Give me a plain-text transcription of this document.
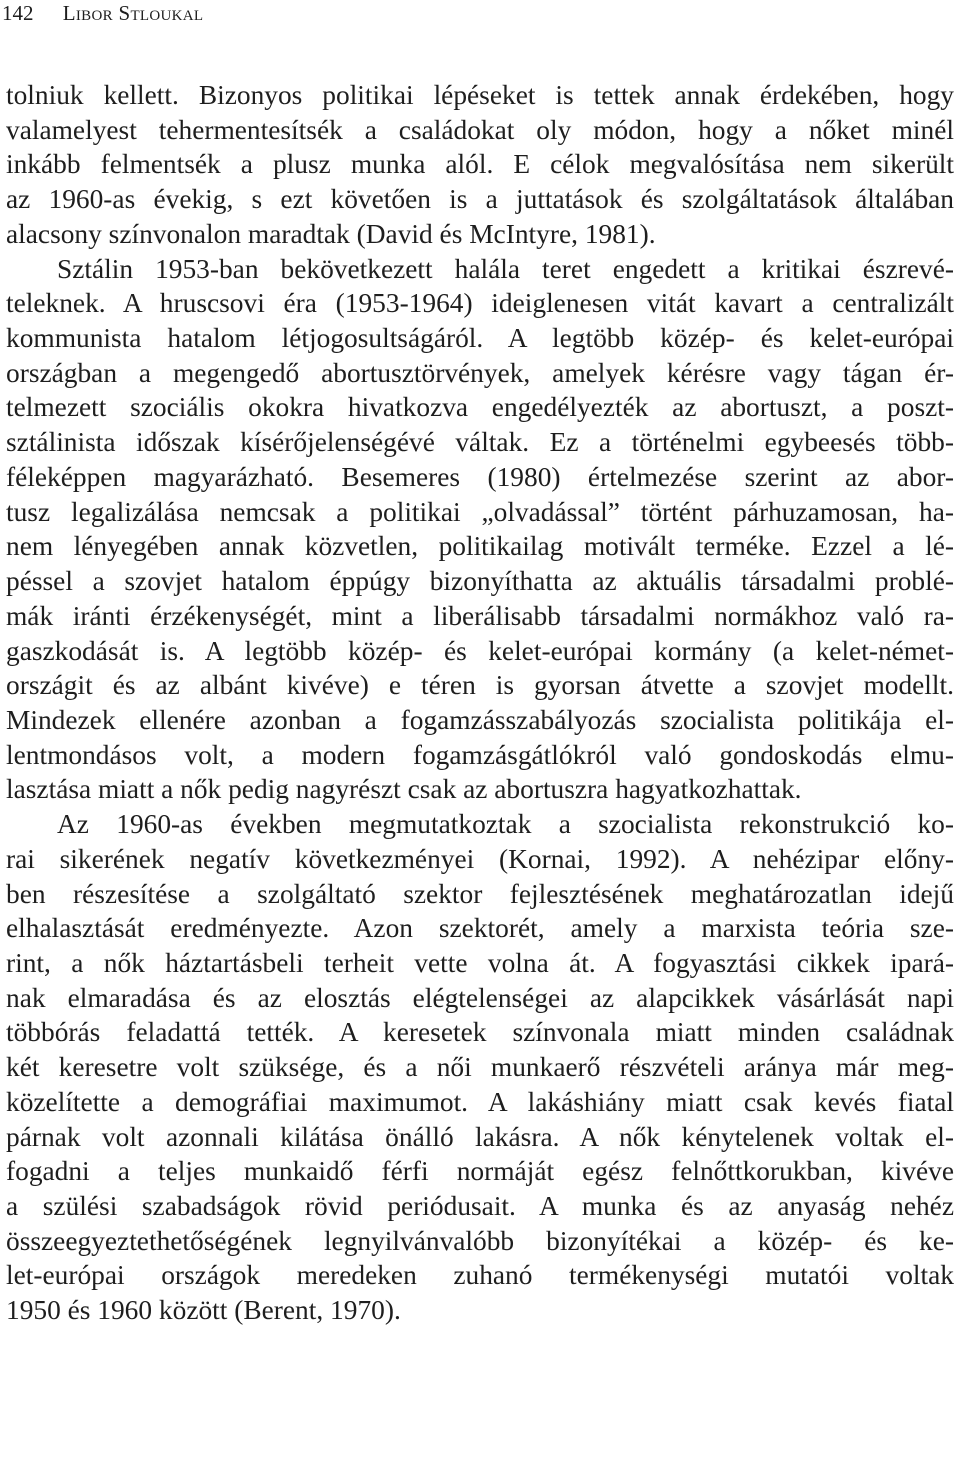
142 Libor Stloukal
tolniuk kellett. Bizonyos politikai lépéseket is tettek annak érdekében, hogy
valamelyest tehermentesítsék a családokat oly módon, hogy a nőket minél
inkább felmentsék a plusz munka alól. E célok megvalósítása nem sikerült
az 1960-as évekig, s ezt követően is a juttatások és szolgáltatások általában
alacsony színvonalon maradtak (David és McIntyre, 1981).
Sztálin 1953-ban bekövetkezett halála teret engedett a kritikai észrevé-
teleknek. A hruscsovi éra (1953-1964) ideiglenesen vitát kavart a centralizált
kommunista hatalom létjogosultságáról. A legtöbb közép- és kelet-európai
országban a megengedő abortusztörvények, amelyek kérésre vagy tágan ér-
telmezett szociális okokra hivatkozva engedélyezték az abortuszt, a poszt-
sztálinista időszak kísérőjelenségévé váltak. Ez a történelmi egybeesés több-
féleképpen magyarázható. Besemeres (1980) értelmezése szerint az abor-
tusz legalizálása nemcsak a politikai „olvadással” történt párhuzamosan, ha-
nem lényegében annak közvetlen, politikailag motivált terméke. Ezzel a lé-
péssel a szovjet hatalom éppúgy bizonyíthatta az aktuális társadalmi problé-
mák iránti érzékenységét, mint a liberálisabb társadalmi normákhoz való ra-
gaszkodását is. A legtöbb közép- és kelet-európai kormány (a kelet-német-
országit és az albánt kivéve) e téren is gyorsan átvette a szovjet modellt.
Mindezek ellenére azonban a fogamzásszabályozás szocialista politikája el-
lentmondásos volt, a modern fogamzásgátlókról való gondoskodás elmu-
lasztása miatt a nők pedig nagyrészt csak az abortuszra hagyatkozhattak.
Az 1960-as években megmutatkoztak a szocialista rekonstrukció ko-
rai sikerének negatív következményei (Kornai, 1992). A nehézipar előny-
ben részesítése a szolgáltató szektor fejlesztésének meghatározatlan idejű
elhalasztását eredményezte. Azon szektorét, amely a marxista teória sze-
rint, a nők háztartásbeli terheit vette volna át. A fogyasztási cikkek ipará-
nak elmaradása és az elosztás elégtelenségei az alapcikkek vásárlását napi
többórás feladattá tették. A keresetek színvonala miatt minden családnak
két keresetre volt szüksége, és a női munkaerő részvételi aránya már meg-
közelítette a demográfiai maximumot. A lakáshiány miatt csak kevés fiatal
párnak volt azonnali kilátása önálló lakásra. A nők kénytelenek voltak el-
fogadni a teljes munkaidő férfi normáját egész felnőttkorukban, kivéve
a szülési szabadságok rövid periódusait. A munka és az anyaság nehéz
összeegyeztethetőségének legnyilvánvalóbb bizonyítékai a közép- és ke-
let-európai országok meredeken zuhanó termékenységi mutatói voltak
1950 és 1960 között (Berent, 1970).
